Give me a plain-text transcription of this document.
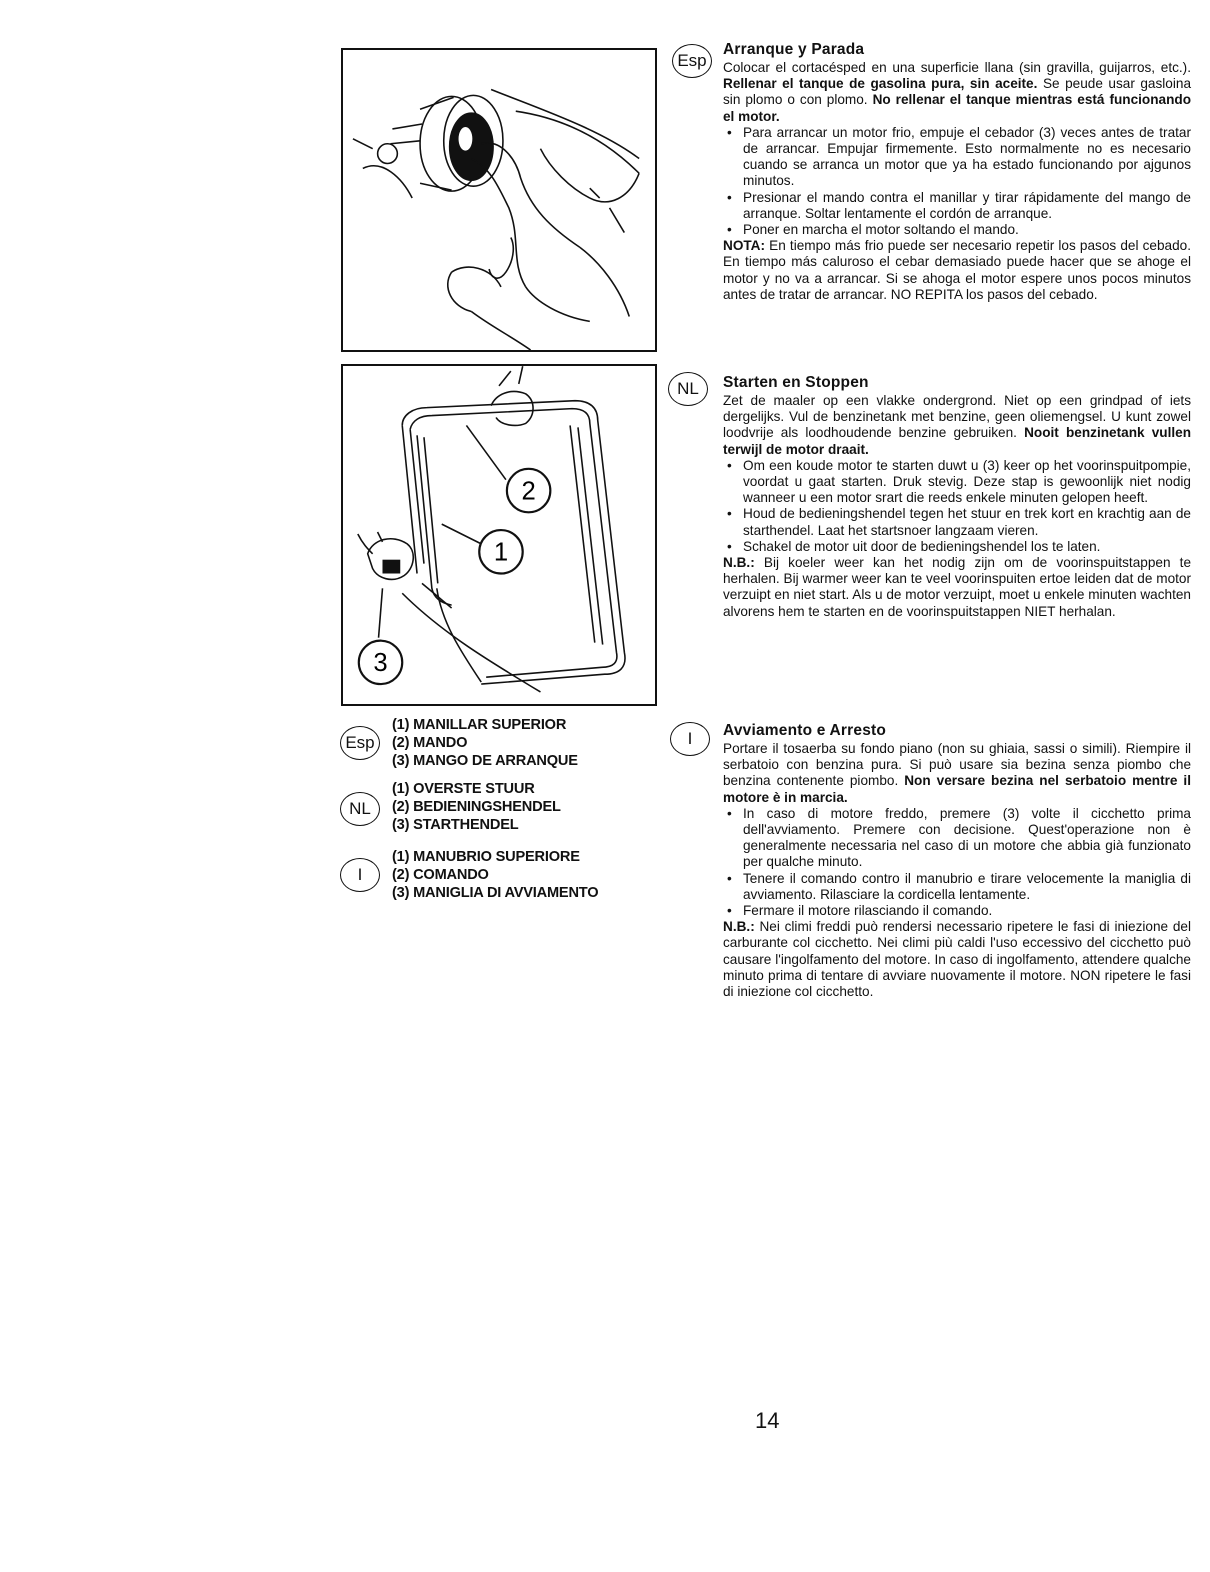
2
1
3
Esp
(1) MANILLAR SUPERIOR
(2) MANDO
(3) MANGO DE ARRANQUE
NL
(1) OVERSTE STUUR
(2) BEDIENINGSHENDEL
(3) STARTHENDEL
I
(1) MANUBRIO SUPERIORE
(2) COMANDO
(3) MANIGLIA DI AVVIAMENTO
Esp
Arranque y Parada

Colocar el cortacésped en una superficie llana (sin gravilla, guijarros, etc.). Rellenar el tanque de gasolina pura, sin aceite. Se peude usar gasloina sin plomo o con plomo. No rellenar el tanque mientras está funcionando el motor.

• Para arrancar un motor frio, empuje el cebador (3) veces antes de tratar de arrancar. Empujar firmemente. Esto normalmente no es necesario cuando se arranca un motor que ya ha estado funcionando por ajgunos minutos.
• Presionar el mando contra el manillar y tirar rápidamente del mango de arranque. Soltar lentamente el cordón de arranque.
• Poner en marcha el motor soltando el mando.

NOTA: En tiempo más frio puede ser necesario repetir los pasos del cebado. En tiempo más caluroso el cebar demasiado puede hacer que se ahoge el motor y no va a arrancar. Si se ahoga el motor espere unos pocos minutos antes de tratar de arrancar. NO REPITA los pasos del cebado.

NL	Starten en Stoppen

Zet de maaler op een vlakke ondergrond. Niet op een grindpad of iets dergelijks. Vul de benzinetank met benzine, geen oliemengsel. U kunt zowel loodvrije als loodhoudende benzine gebruiken. Nooit benzinetank vullen terwijl de motor draait.

• Om een koude motor te starten duwt u (3) keer op het voorinspuitpompie, voordat u gaat starten. Druk stevig. Deze stap is gewoonlijk niet nodig wanneer u een motor srart die reeds enkele minuten gelopen heeft.
• Houd de bedieningshendel tegen het stuur en trek kort en krachtig aan de starthendel. Laat het startsnoer langzaam vieren.
• Schakel de motor uit door de bedieningshendel los te laten.

N.B.: Bij koeler weer kan het nodig zijn om de voorinspuitstappen te herhalen. Bij warmer weer kan te veel voorinspuiten ertoe leiden dat de motor verzuipt en niet start. Als u de motor verzuipt, moet u enkele minuten wachten alvorens hem te starten en de voorinspuitstappen NIET herhalan.

I	Avviamento e Arresto

Portare il tosaerba su fondo piano (non su ghiaia, sassi o simili). Riempire il serbatoio con benzina pura. Si può usare sia bezina senza piombo che benzina contenente piombo. Non versare bezina nel serbatoio mentre il motore è in marcia.

• In caso di motore freddo, premere (3) volte il cicchetto prima dell'avviamento. Premere con decisione. Quest'operazione non è generalmente necessaria nel caso di un motore che abbia già funzionato per qualche minuto.
• Tenere il comando contro il manubrio e tirare velocemente la maniglia di avviamento. Rilasciare la cordicella lentamente.
• Fermare il motore rilasciando il comando.

N.B.: Nei climi freddi può rendersi necessario ripetere le fasi di iniezione del carburante col cicchetto. Nei climi più caldi l'uso eccessivo del cicchetto può causare l'ingolfamento del motore. In caso di ingolfamento, attendere qualche minuto prima di tentare di avviare nuovamente il motore. NON ripetere le fasi di iniezione col cicchetto.

14
